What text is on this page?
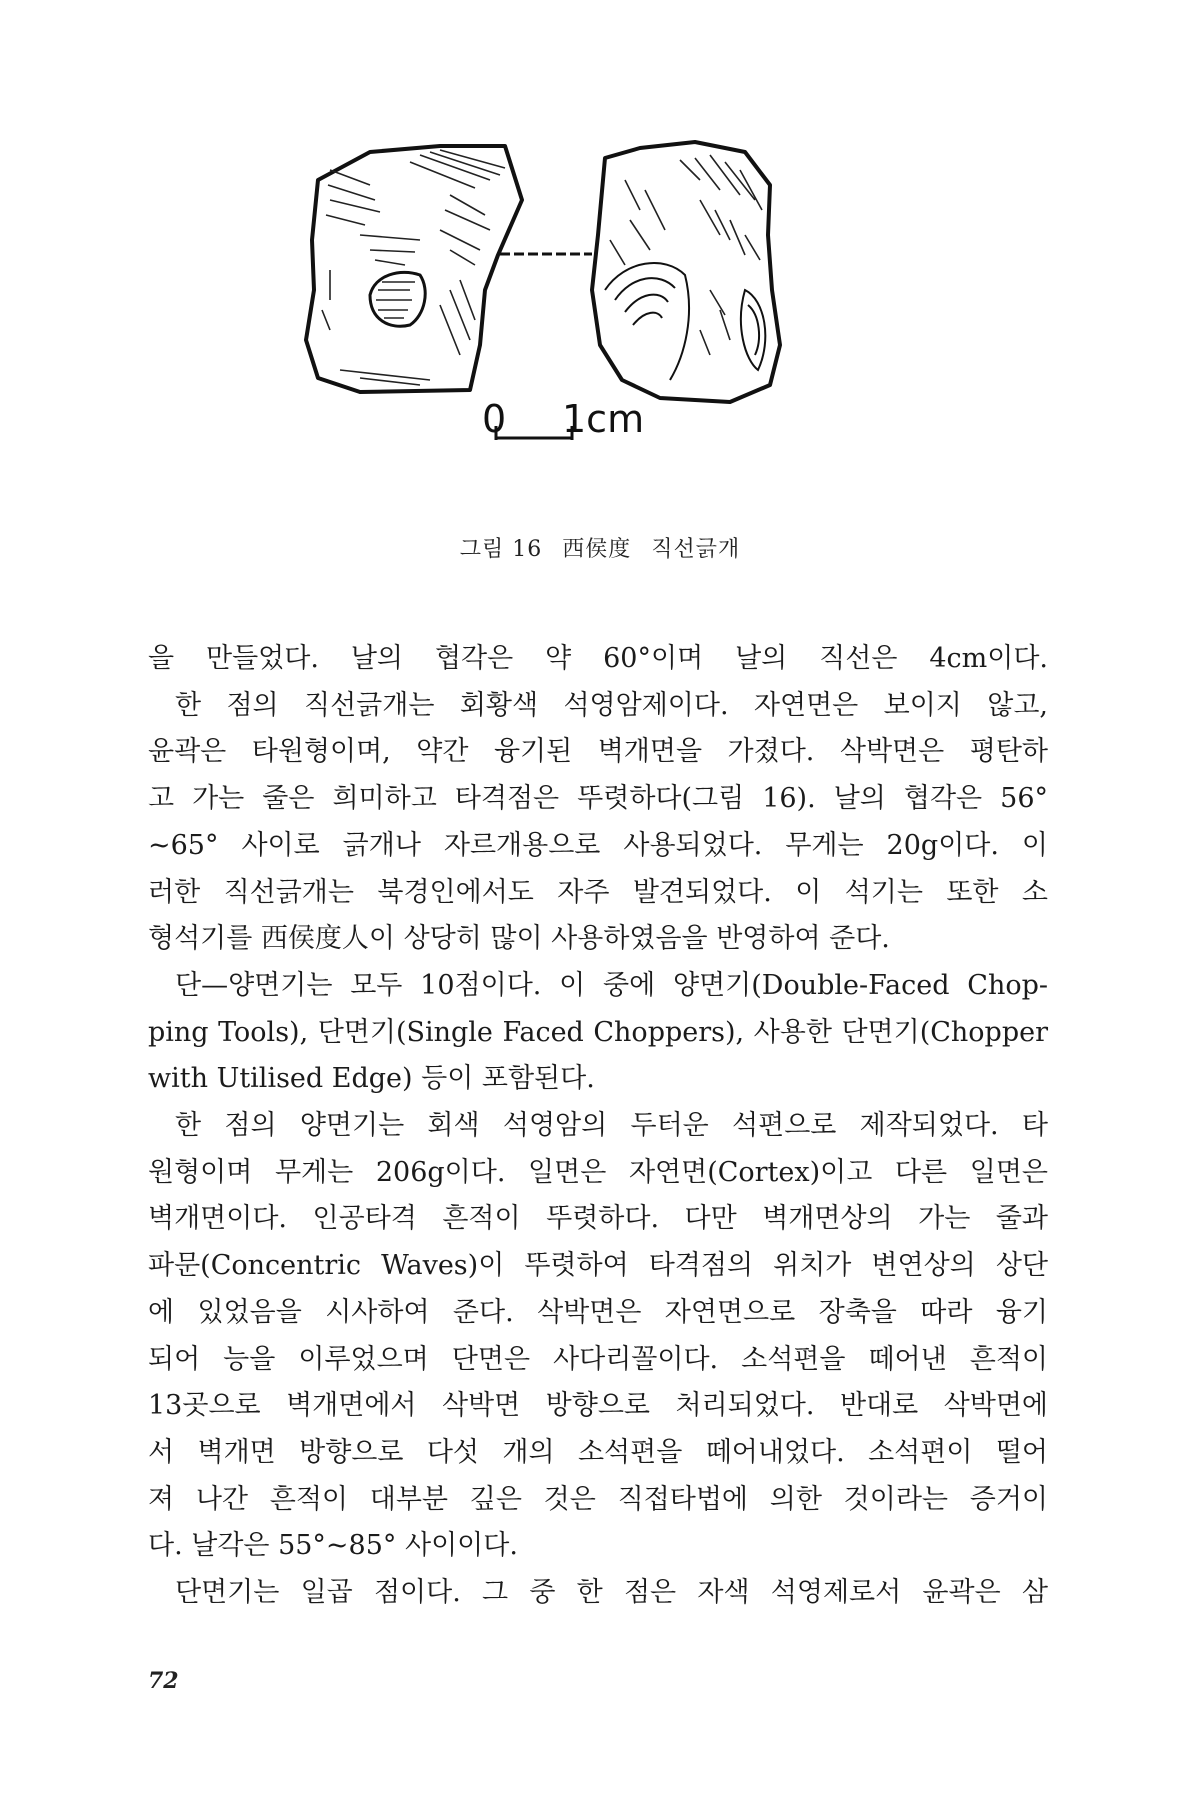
0 1cm
그림 16 西侯度 직선긁개

을 만들었다. 날의 협각은 약 60°이며 날의 직선은 4cm이다.

한 점의 직선긁개는 회황색 석영암제이다. 자연면은 보이지 않고,

윤곽은 타원형이며, 약간 융기된 벽개면을 가졌다. 삭박면은 평탄하

고 가는 줄은 희미하고 타격점은 뚜렷하다(그림 16). 날의 협각은 56°

~65° 사이로 긁개나 자르개용으로 사용되었다. 무게는 20g이다. 이

러한 직선긁개는 북경인에서도 자주 발견되었다. 이 석기는 또한 소

형석기를 西侯度人이 상당히 많이 사용하였음을 반영하여 준다.

단—양면기는 모두 10점이다. 이 중에 양면기(Double-Faced Chop-

ping Tools), 단면기(Single Faced Choppers), 사용한 단면기(Chopper

with Utilised Edge) 등이 포함된다.

한 점의 양면기는 회색 석영암의 두터운 석편으로 제작되었다. 타

원형이며 무게는 206g이다. 일면은 자연면(Cortex)이고 다른 일면은

벽개면이다. 인공타격 흔적이 뚜렷하다. 다만 벽개면상의 가는 줄과

파문(Concentric Waves)이 뚜렷하여 타격점의 위치가 변연상의 상단

에 있었음을 시사하여 준다. 삭박면은 자연면으로 장축을 따라 융기

되어 능을 이루었으며 단면은 사다리꼴이다. 소석편을 떼어낸 흔적이

13곳으로 벽개면에서 삭박면 방향으로 처리되었다. 반대로 삭박면에

서 벽개면 방향으로 다섯 개의 소석편을 떼어내었다. 소석편이 떨어

져 나간 흔적이 대부분 깊은 것은 직접타법에 의한 것이라는 증거이

다. 날각은 55°~85° 사이이다.

단면기는 일곱 점이다. 그 중 한 점은 자색 석영제로서 윤곽은 삼

72
